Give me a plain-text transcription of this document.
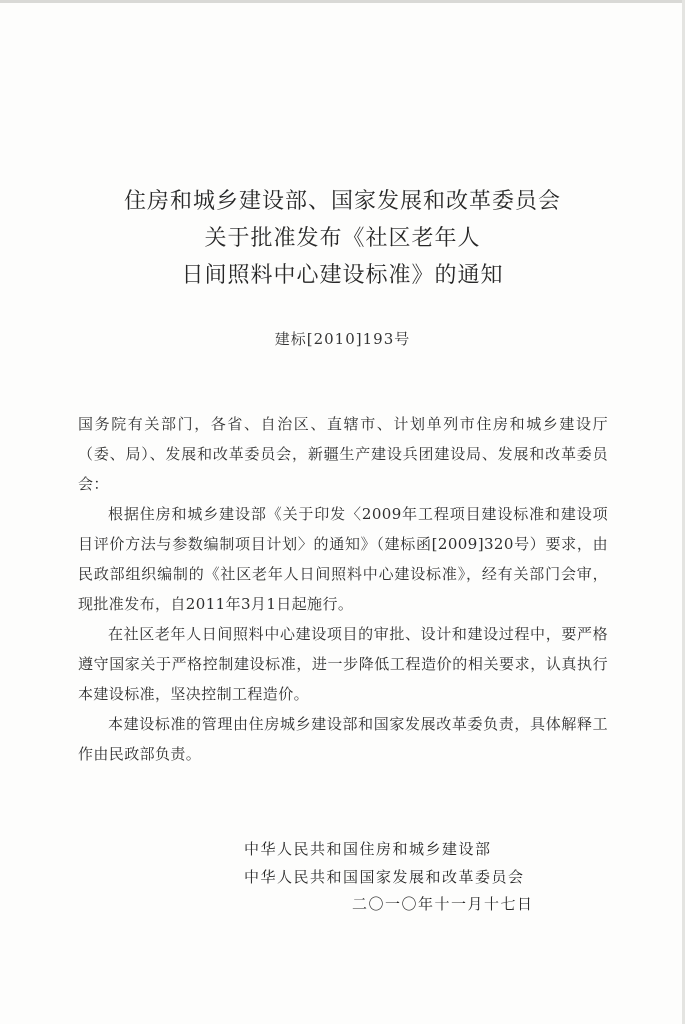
住房和城乡建设部、国家发展和改革委员会
关于批准发布《社区老年人
日间照料中心建设标准》的通知
建标[2010]193号

国务院有关部门，各省、自治区、直辖市、计划单列市住房和城乡建设厅（委、局）、发展和改革委员会，新疆生产建设兵团建设局、发展和改革委员会：

根据住房和城乡建设部《关于印发〈2009年工程项目建设标准和建设项目评价方法与参数编制项目计划〉的通知》（建标函[2009]320号）要求，由民政部组织编制的《社区老年人日间照料中心建设标准》，经有关部门会审，现批准发布，自2011年3月1日起施行。

在社区老年人日间照料中心建设项目的审批、设计和建设过程中，要严格遵守国家关于严格控制建设标准，进一步降低工程造价的相关要求，认真执行本建设标准，坚决控制工程造价。

本建设标准的管理由住房城乡建设部和国家发展改革委负责，具体解释工作由民政部负责。

中华人民共和国住房和城乡建设部
中华人民共和国国家发展和改革委员会
二〇一〇年十一月十七日
